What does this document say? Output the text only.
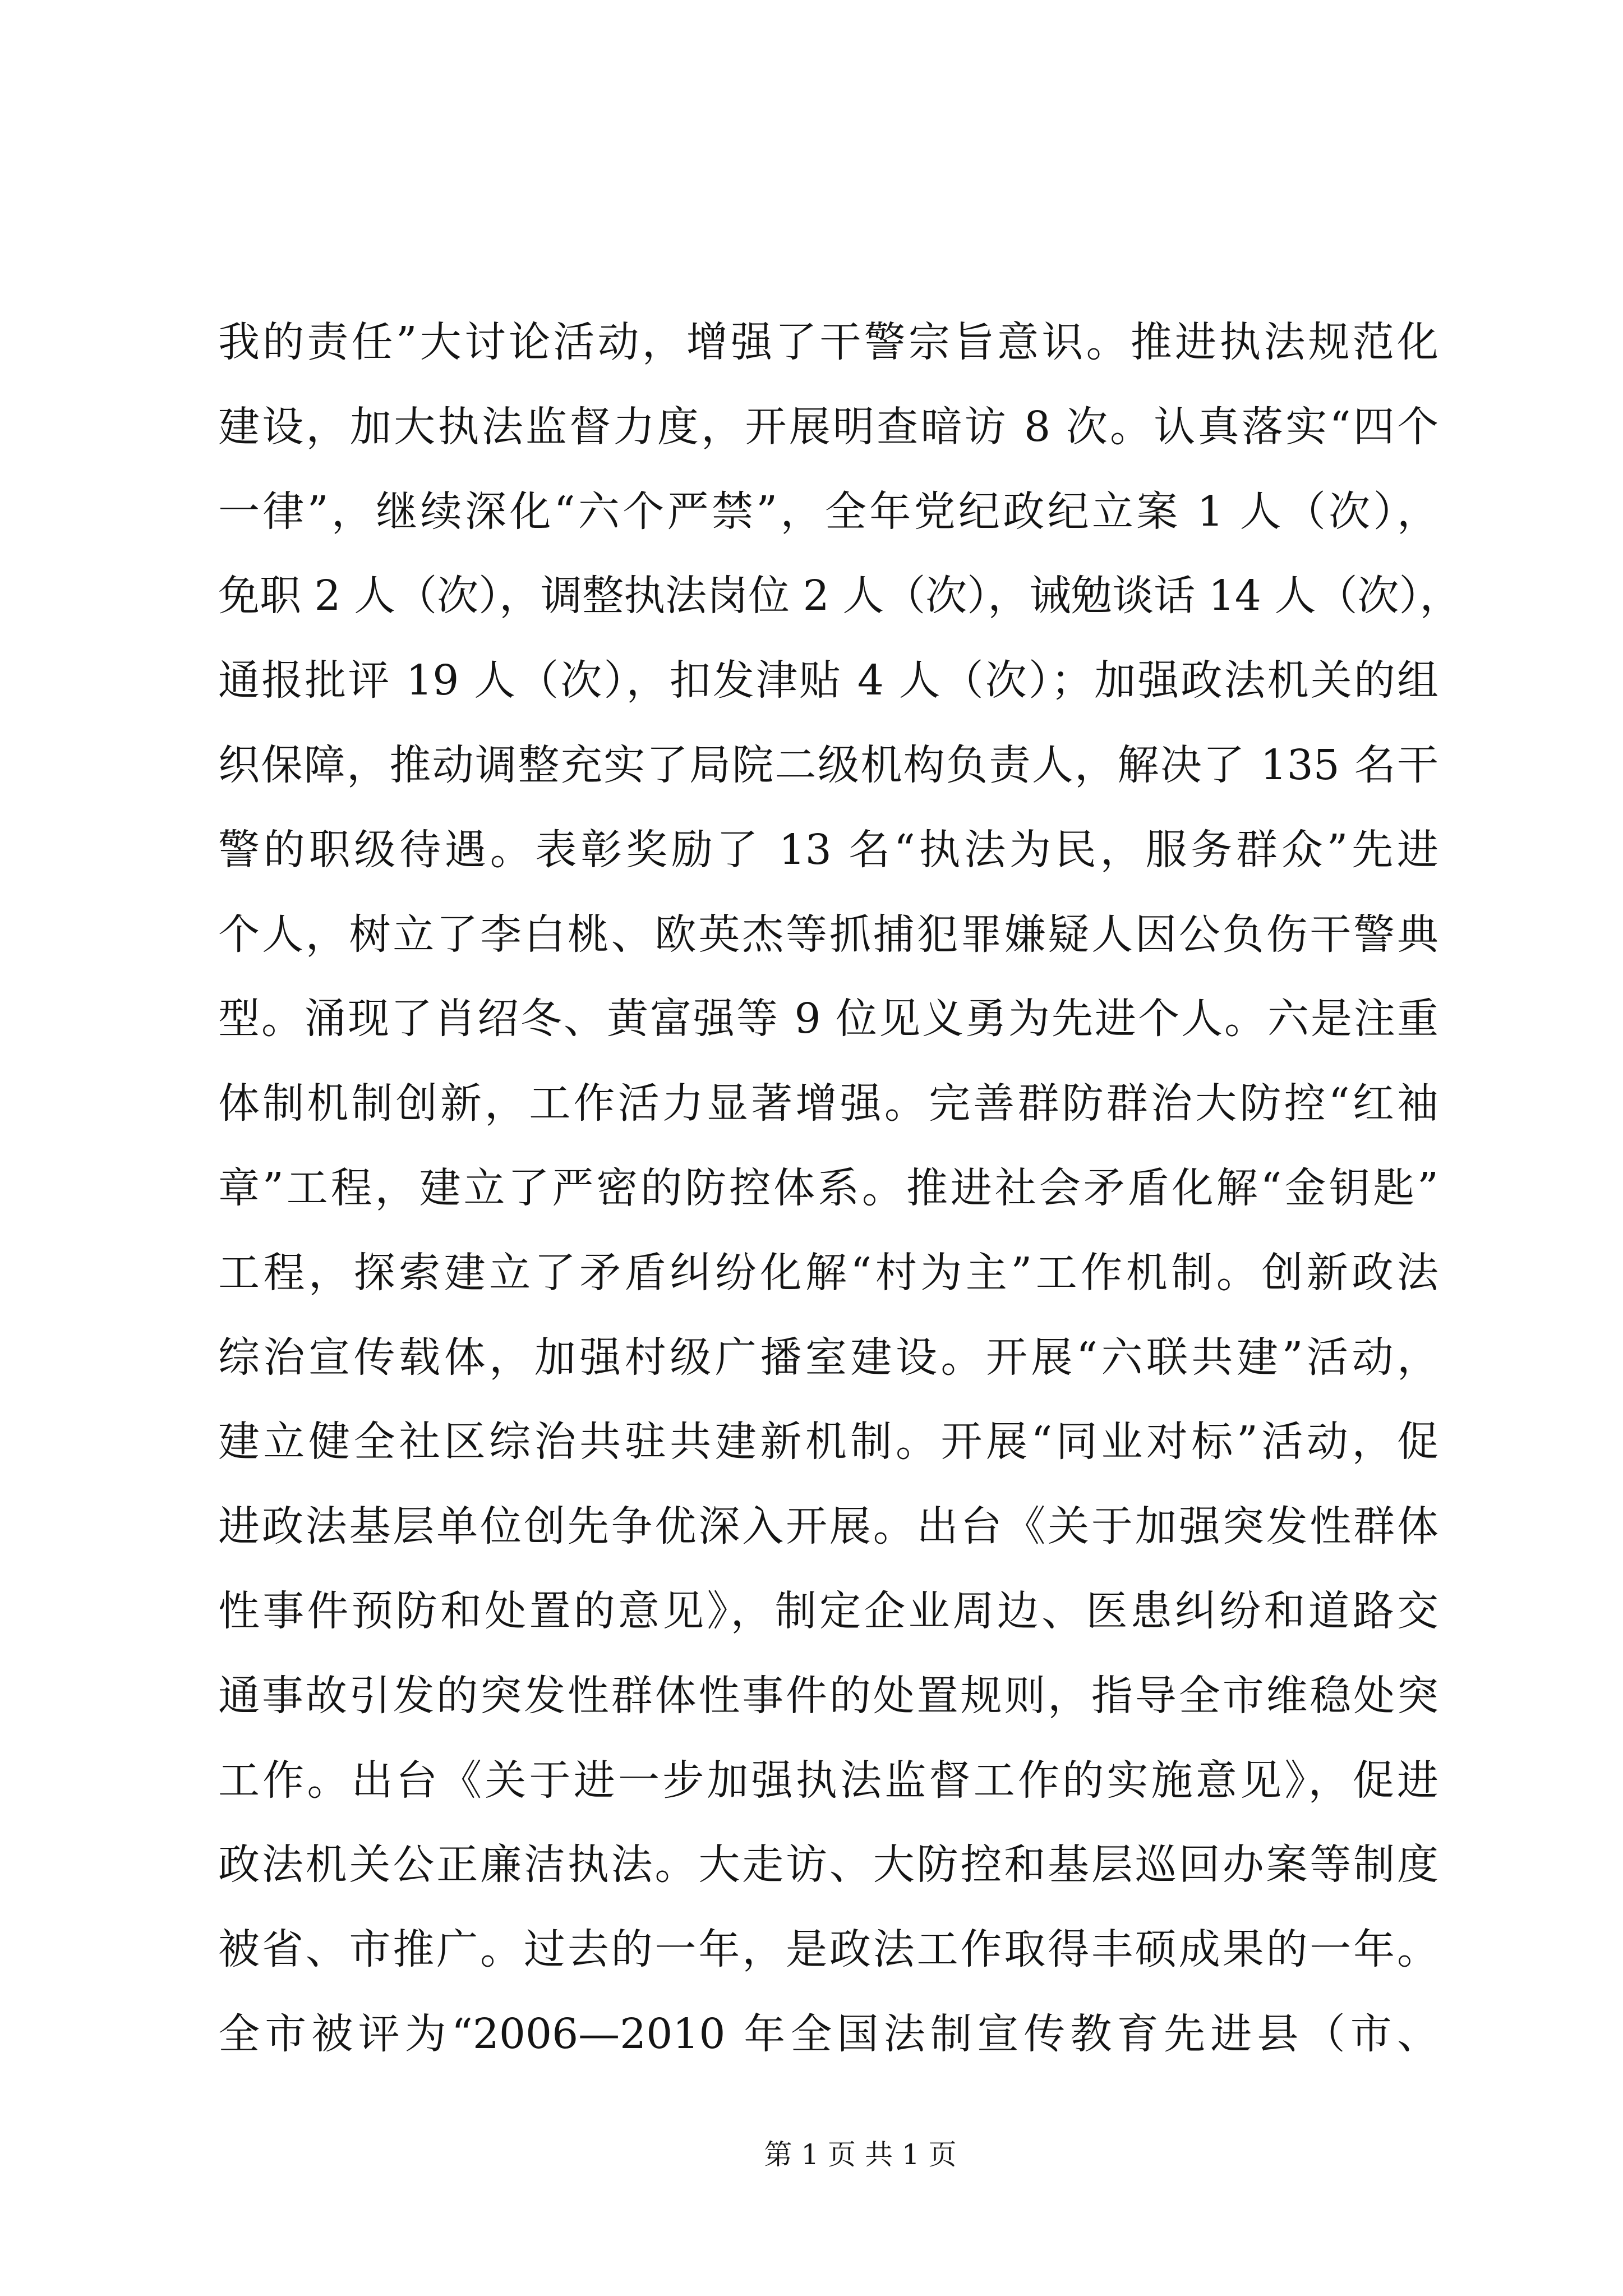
我的责任”大讨论活动，增强了干警宗旨意识。推进执法规范化
建设，加大执法监督力度，开展明查暗访 8 次。认真落实“四个
一律”，继续深化“六个严禁”，全年党纪政纪立案 1 人（次），
免职 2 人（次），调整执法岗位 2 人（次），诫勉谈话 14 人（次），
通报批评 19 人（次），扣发津贴 4 人（次）；加强政法机关的组
织保障，推动调整充实了局院二级机构负责人，解决了 135 名干
警的职级待遇。表彰奖励了 13 名“执法为民，服务群众”先进
个人，树立了李白桃、欧英杰等抓捕犯罪嫌疑人因公负伤干警典
型。涌现了肖绍冬、黄富强等 9 位见义勇为先进个人。六是注重
体制机制创新，工作活力显著增强。完善群防群治大防控“红袖
章”工程，建立了严密的防控体系。推进社会矛盾化解“金钥匙”
工程，探索建立了矛盾纠纷化解“村为主”工作机制。创新政法
综治宣传载体，加强村级广播室建设。开展“六联共建”活动，
建立健全社区综治共驻共建新机制。开展“同业对标”活动，促
进政法基层单位创先争优深入开展。出台《关于加强突发性群体
性事件预防和处置的意见》，制定企业周边、医患纠纷和道路交
通事故引发的突发性群体性事件的处置规则，指导全市维稳处突
工作。出台《关于进一步加强执法监督工作的实施意见》，促进
政法机关公正廉洁执法。大走访、大防控和基层巡回办案等制度
被省、市推广。过去的一年，是政法工作取得丰硕成果的一年。
全市被评为“2006—2010 年全国法制宣传教育先进县（市、
第 1 页 共 1 页
